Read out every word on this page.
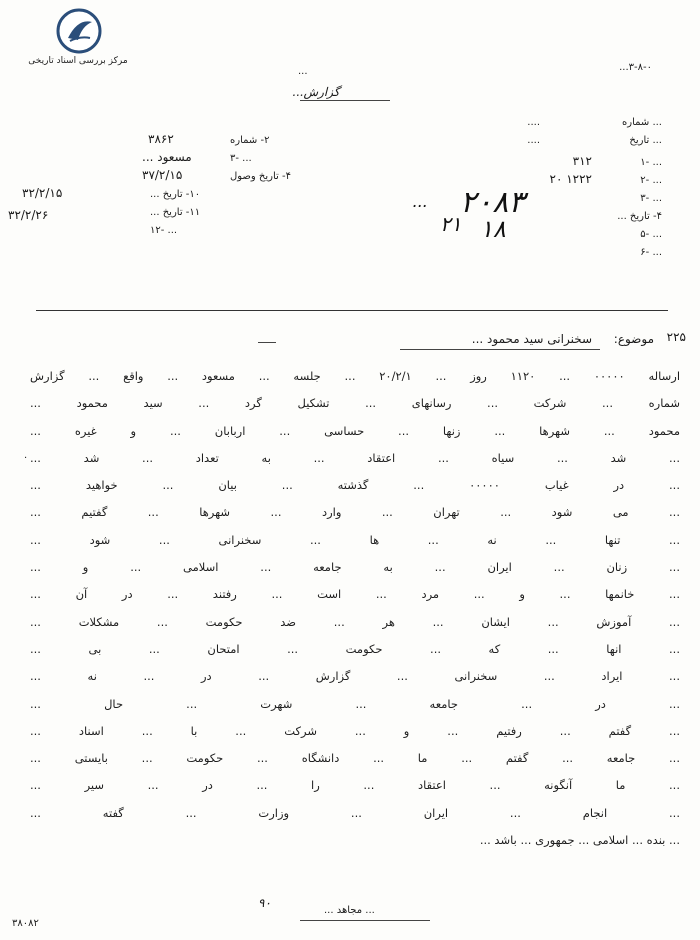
مرکز بررسی اسناد تاریخی
...۳-۸-۰
...
گزارش...
۲- شماره
۳۸۶۲
۳- ...
مسعود ...
۴- تاریخ وصول
۳۷/۲/۱۵
۱۰- تاریخ ...
۳۲/۲/۱۵
۱۱- تاریخ ...
۱۲- ...
۳۲/۲/۲۶
... شماره
... تاریخ
۱- ...
۳۱۲
۲- ...
۲۰ ۱۲۲۲
۳- ...
۴- تاریخ ...
۵- ...
۶- ...
....
....
۲۰۸۳
۱۸
۲۱
...
۲۲۵
موضوع:
سخنرانی سید محمود ...
ارساله ۰۰۰۰۰ ... ۱۱۲۰ روز ... ۲۰/۲/۱ ... جلسه ... مسعود ... واقع ... گزارش
شماره ... شرکت ... رسانهای ... تشکیل گرد ... سید محمود ...
محمود ... شهرها ... زنها ... حساسی ... اربابان ... و غیره ...
... شد ... سیاه ... اعتقاد ... به تعداد ... شد ...
... در غیاب ۰۰۰۰۰ ... گذشته ... بیان ... خواهید ...
... می شود ... تهران ... وارد ... شهرها ... گفتیم ...
... تنها ... نه ... ها ... سخنرانی ... شود ...
... زنان ... ایران ... به جامعه ... اسلامی ... و ...
... خانمها ... و ... مرد ... است ... رفتند ... در آن ...
... آموزش ... ایشان ... هر ... ضد حکومت ... مشکلات ...
... انها ... که ... حکومت ... امتحان ... بی ...
... ایراد ... سخنرانی ... گزارش ... در ... نه ...
... در ... جامعه ... شهرت ... حال ...
... گفتم ... رفتیم ... و ... شرکت ... با ... اسناد ...
... جامعه ... گفتم ... ما ... دانشگاه ... حکومت ... بایستی ...
... ما آنگونه ... اعتقاد ... را ... در ... سیر ...
... انجام ... ایران ... وزارت ... گفته ...
... بنده ... اسلامی ... جمهوری ... باشد ...
.
۳۸۰۸۲
۹۰
... مجاهد ...
